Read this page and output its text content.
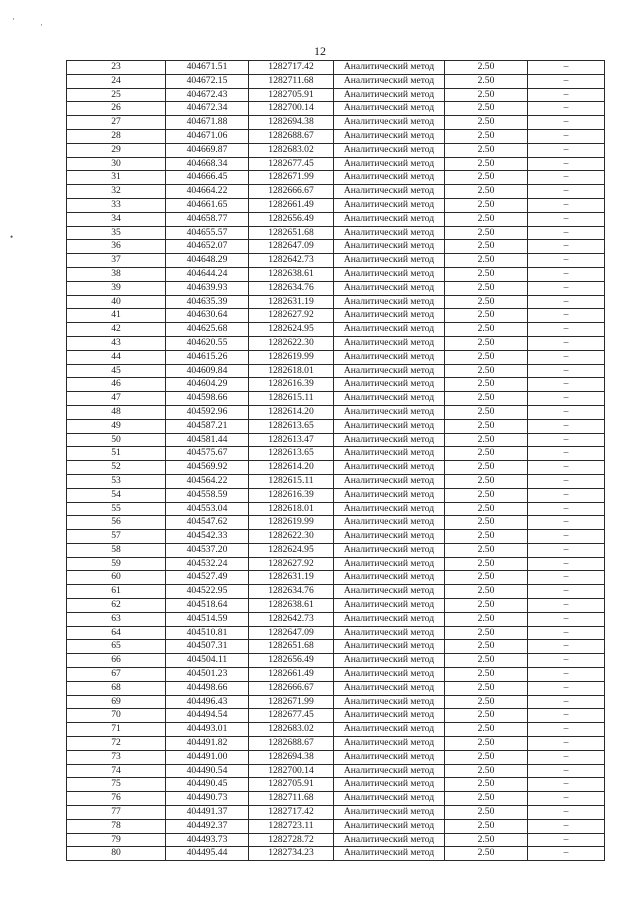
12
·
·
•
23	404671.51	1282717.42	Аналитический метод	2.50	–
24	404672.15	1282711.68	Аналитический метод	2.50	–
25	404672.43	1282705.91	Аналитический метод	2.50	–
26	404672.34	1282700.14	Аналитический метод	2.50	–
27	404671.88	1282694.38	Аналитический метод	2.50	–
28	404671.06	1282688.67	Аналитический метод	2.50	–
29	404669.87	1282683.02	Аналитический метод	2.50	–
30	404668.34	1282677.45	Аналитический метод	2.50	–
31	404666.45	1282671.99	Аналитический метод	2.50	–
32	404664.22	1282666.67	Аналитический метод	2.50	–
33	404661.65	1282661.49	Аналитический метод	2.50	–
34	404658.77	1282656.49	Аналитический метод	2.50	–
35	404655.57	1282651.68	Аналитический метод	2.50	–
36	404652.07	1282647.09	Аналитический метод	2.50	–
37	404648.29	1282642.73	Аналитический метод	2.50	–
38	404644.24	1282638.61	Аналитический метод	2.50	–
39	404639.93	1282634.76	Аналитический метод	2.50	–
40	404635.39	1282631.19	Аналитический метод	2.50	–
41	404630.64	1282627.92	Аналитический метод	2.50	–
42	404625.68	1282624.95	Аналитический метод	2.50	–
43	404620.55	1282622.30	Аналитический метод	2.50	–
44	404615.26	1282619.99	Аналитический метод	2.50	–
45	404609.84	1282618.01	Аналитический метод	2.50	–
46	404604.29	1282616.39	Аналитический метод	2.50	–
47	404598.66	1282615.11	Аналитический метод	2.50	–
48	404592.96	1282614.20	Аналитический метод	2.50	–
49	404587.21	1282613.65	Аналитический метод	2.50	–
50	404581.44	1282613.47	Аналитический метод	2.50	–
51	404575.67	1282613.65	Аналитический метод	2.50	–
52	404569.92	1282614.20	Аналитический метод	2.50	–
53	404564.22	1282615.11	Аналитический метод	2.50	–
54	404558.59	1282616.39	Аналитический метод	2.50	–
55	404553.04	1282618.01	Аналитический метод	2.50	–
56	404547.62	1282619.99	Аналитический метод	2.50	–
57	404542.33	1282622.30	Аналитический метод	2.50	–
58	404537.20	1282624.95	Аналитический метод	2.50	–
59	404532.24	1282627.92	Аналитический метод	2.50	–
60	404527.49	1282631.19	Аналитический метод	2.50	–
61	404522.95	1282634.76	Аналитический метод	2.50	–
62	404518.64	1282638.61	Аналитический метод	2.50	–
63	404514.59	1282642.73	Аналитический метод	2.50	–
64	404510.81	1282647.09	Аналитический метод	2.50	–
65	404507.31	1282651.68	Аналитический метод	2.50	–
66	404504.11	1282656.49	Аналитический метод	2.50	–
67	404501.23	1282661.49	Аналитический метод	2.50	–
68	404498.66	1282666.67	Аналитический метод	2.50	–
69	404496.43	1282671.99	Аналитический метод	2.50	–
70	404494.54	1282677.45	Аналитический метод	2.50	–
71	404493.01	1282683.02	Аналитический метод	2.50	–
72	404491.82	1282688.67	Аналитический метод	2.50	–
73	404491.00	1282694.38	Аналитический метод	2.50	–
74	404490.54	1282700.14	Аналитический метод	2.50	–
75	404490.45	1282705.91	Аналитический метод	2.50	–
76	404490.73	1282711.68	Аналитический метод	2.50	–
77	404491.37	1282717.42	Аналитический метод	2.50	–
78	404492.37	1282723.11	Аналитический метод	2.50	–
79	404493.73	1282728.72	Аналитический метод	2.50	–
80	404495.44	1282734.23	Аналитический метод	2.50	–
